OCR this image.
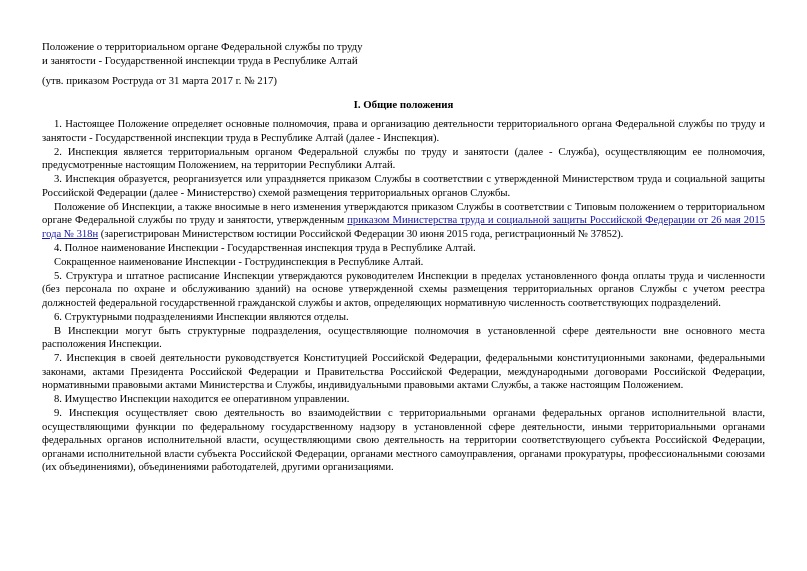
Положение о территориальном органе Федеральной службы по труду
и занятости - Государственной инспекции труда в Республике Алтай
(утв. приказом Роструда от 31 марта 2017 г. № 217)
I. Общие положения

1. Настоящее Положение определяет основные полномочия, права и организацию деятельности территориального органа Федеральной службы по труду и занятости - Государственной инспекции труда в Республике Алтай (далее - Инспекция).

2. Инспекция является территориальным органом Федеральной службы по труду и занятости (далее - Служба), осуществляющим ее полномочия, предусмотренные настоящим Положением, на территории Республики Алтай.

3. Инспекция образуется, реорганизуется или упраздняется приказом Службы в соответствии с утвержденной Министерством труда и социальной защиты Российской Федерации (далее - Министерство) схемой размещения территориальных органов Службы.

Положение об Инспекции, а также вносимые в него изменения утверждаются приказом Службы в соответствии с Типовым положением о территориальном органе Федеральной службы по труду и занятости, утвержденным приказом Министерства труда и социальной защиты Российской Федерации от 26 мая 2015 года № 318н (зарегистрирован Министерством юстиции Российской Федерации 30 июня 2015 года, регистрационный № 37852).

4. Полное наименование Инспекции - Государственная инспекция труда в Республике Алтай.

Сокращенное наименование Инспекции - Гострудинспекция в Республике Алтай.

5. Структура и штатное расписание Инспекции утверждаются руководителем Инспекции в пределах установленного фонда оплаты труда и численности (без персонала по охране и обслуживанию зданий) на основе утвержденной схемы размещения территориальных органов Службы с учетом реестра должностей федеральной государственной гражданской службы и актов, определяющих нормативную численность соответствующих подразделений.

6. Структурными подразделениями Инспекции являются отделы.

В Инспекции могут быть структурные подразделения, осуществляющие полномочия в установленной сфере деятельности вне основного места расположения Инспекции.

7. Инспекция в своей деятельности руководствуется Конституцией Российской Федерации, федеральными конституционными законами, федеральными законами, актами Президента Российской Федерации и Правительства Российской Федерации, международными договорами Российской Федерации, нормативными правовыми актами Министерства и Службы, индивидуальными правовыми актами Службы, а также настоящим Положением.

8. Имущество Инспекции находится ее оперативном управлении.

9. Инспекция осуществляет свою деятельность во взаимодействии с территориальными органами федеральных органов исполнительной власти, осуществляющими функции по федеральному государственному надзору в установленной сфере деятельности, иными территориальными органами федеральных органов исполнительной власти, осуществляющими свою деятельность на территории соответствующего субъекта Российской Федерации, органами исполнительной власти субъекта Российской Федерации, органами местного самоуправления, органами прокуратуры, профессиональными союзами (их объединениями), объединениями работодателей, другими организациями.
